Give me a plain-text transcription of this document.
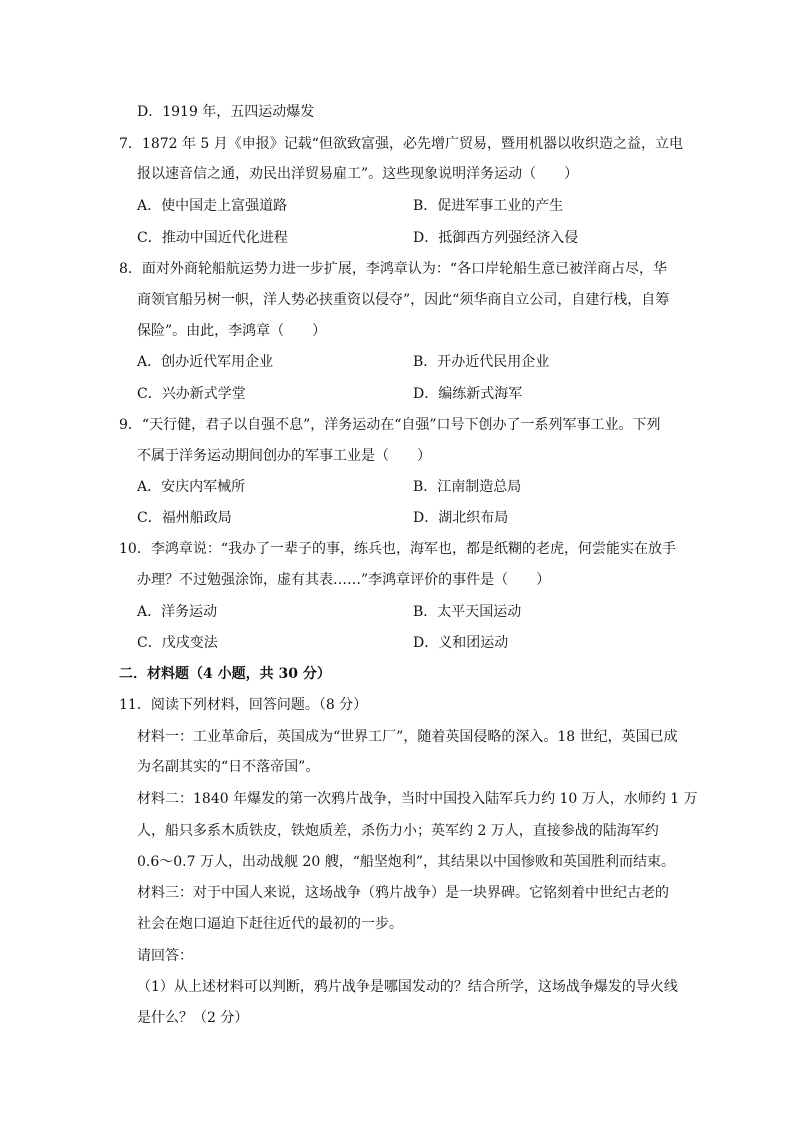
D．1919 年，五四运动爆发
7．1872 年 5 月《申报》记载“但欲致富强，必先增广贸易，暨用机器以收织造之益，立电
报以速音信之通，劝民出洋贸易雇工”。这些现象说明洋务运动（　　）
A．使中国走上富强道路	B．促进军事工业的产生
C．推动中国近代化进程	D．抵御西方列强经济入侵
8．面对外商轮船航运势力进一步扩展，李鸿章认为：“各口岸轮船生意已被洋商占尽，华
商领官船另树一帜，洋人势必挟重资以侵夺”，因此“须华商自立公司，自建行栈，自筹
保险”。由此，李鸿章（　　）
A．创办近代军用企业	B．开办近代民用企业
C．兴办新式学堂	D．编练新式海军
9．“天行健，君子以自强不息”，洋务运动在“自强”口号下创办了一系列军事工业。下列
不属于洋务运动期间创办的军事工业是（　　）
A．安庆内军械所	B．江南制造总局
C．福州船政局	D．湖北织布局
10．李鸿章说：“我办了一辈子的事，练兵也，海军也，都是纸糊的老虎，何尝能实在放手
办理？不过勉强涂饰，虚有其表……”李鸿章评价的事件是（　　）
A．洋务运动	B．太平天国运动
C．戊戌变法	D．义和团运动
二．材料题（4 小题，共 30 分）
11．阅读下列材料，回答问题。（8 分）
材料一：工业革命后，英国成为“世界工厂”，随着英国侵略的深入。18 世纪，英国已成
为名副其实的“日不落帝国”。
材料二：1840 年爆发的第一次鸦片战争，当时中国投入陆军兵力约 10 万人，水师约 1 万
人，船只多系木质铁皮，铁炮质差，杀伤力小；英军约 2 万人，直接参战的陆海军约
0.6～0.7 万人，出动战舰 20 艘，“船坚炮利”，其结果以中国惨败和英国胜利而结束。
材料三：对于中国人来说，这场战争（鸦片战争）是一块界碑。它铭刻着中世纪古老的
社会在炮口逼迫下赶往近代的最初的一步。
请回答：
（1）从上述材料可以判断，鸦片战争是哪国发动的？结合所学，这场战争爆发的导火线
是什么？（2 分）
